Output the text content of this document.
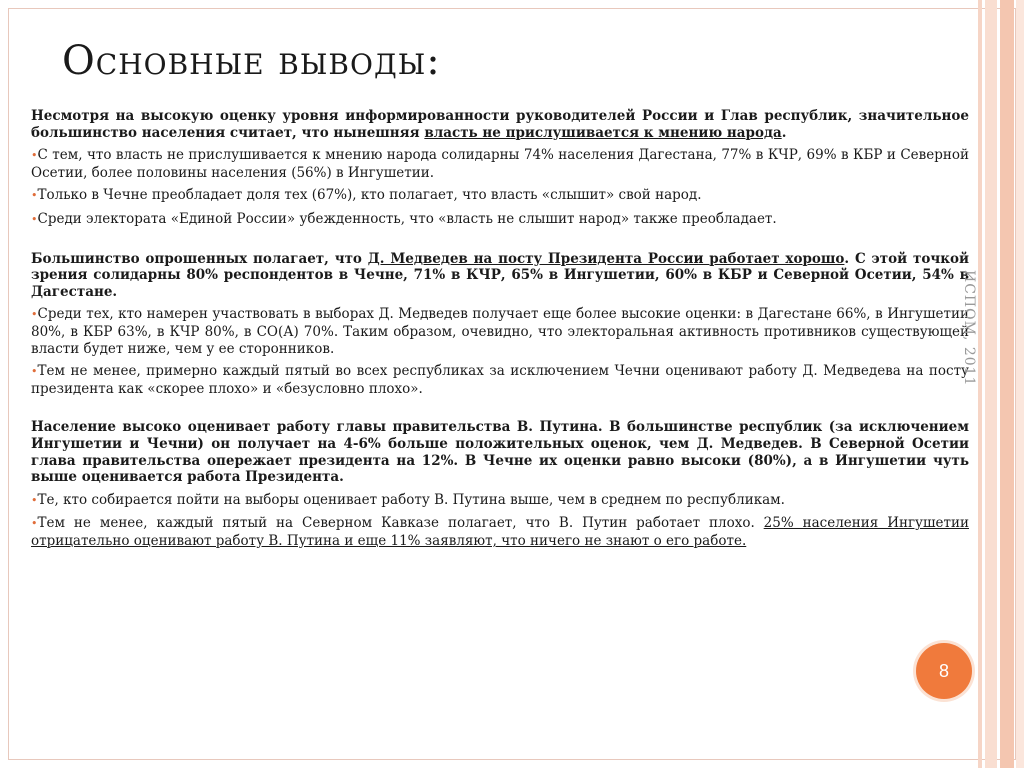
Основные выводы:

Несмотря на высокую оценку уровня информированности руководителей России и Глав республик, значительное большинство населения считает, что нынешняя власть не прислушивается к мнению народа.

•С тем, что власть не прислушивается к мнению народа солидарны 74% населения Дагестана, 77% в КЧР, 69% в КБР и Северной Осетии, более половины населения (56%) в Ингушетии.

•Только в Чечне преобладает доля тех (67%), кто полагает, что власть «слышит» свой народ.

•Среди электората «Единой России» убежденность, что «власть не слышит народ» также преобладает.

Большинство опрошенных полагает, что Д. Медведев на посту Президента России работает хорошо. С этой точкой зрения солидарны 80% респондентов в Чечне, 71% в КЧР, 65% в Ингушетии, 60% в КБР и Северной Осетии, 54% в Дагестане.

•Среди тех, кто намерен участвовать в выборах Д. Медведев получает еще более высокие оценки: в Дагестане 66%, в Ингушетии 80%, в КБР 63%, в КЧР 80%, в СО(А) 70%. Таким образом, очевидно, что электоральная активность противников существующей власти будет ниже, чем у ее сторонников.

•Тем не менее, примерно каждый пятый во всех республиках за исключением Чечни оценивают работу Д. Медведева на посту президента как «скорее плохо» и «безусловно плохо».

Население высоко оценивает работу главы правительства В. Путина. В большинстве республик (за исключением Ингушетии и Чечни) он получает на 4-6% больше положительных оценок, чем Д. Медведев. В Северной Осетии глава правительства опережает президента на 12%. В Чечне их оценки равно высоки (80%), а в Ингушетии чуть выше оценивается работа Президента.

•Те, кто собирается пойти на выборы оценивает работу В. Путина выше, чем в среднем по республикам.

•Тем не менее, каждый пятый на Северном Кавказе полагает, что В. Путин работает плохо. 25% населения Ингушетии отрицательно оценивают работу В. Путина и еще 11% заявляют, что ничего не знают о его работе.

ИСПОМ, 2011
8
